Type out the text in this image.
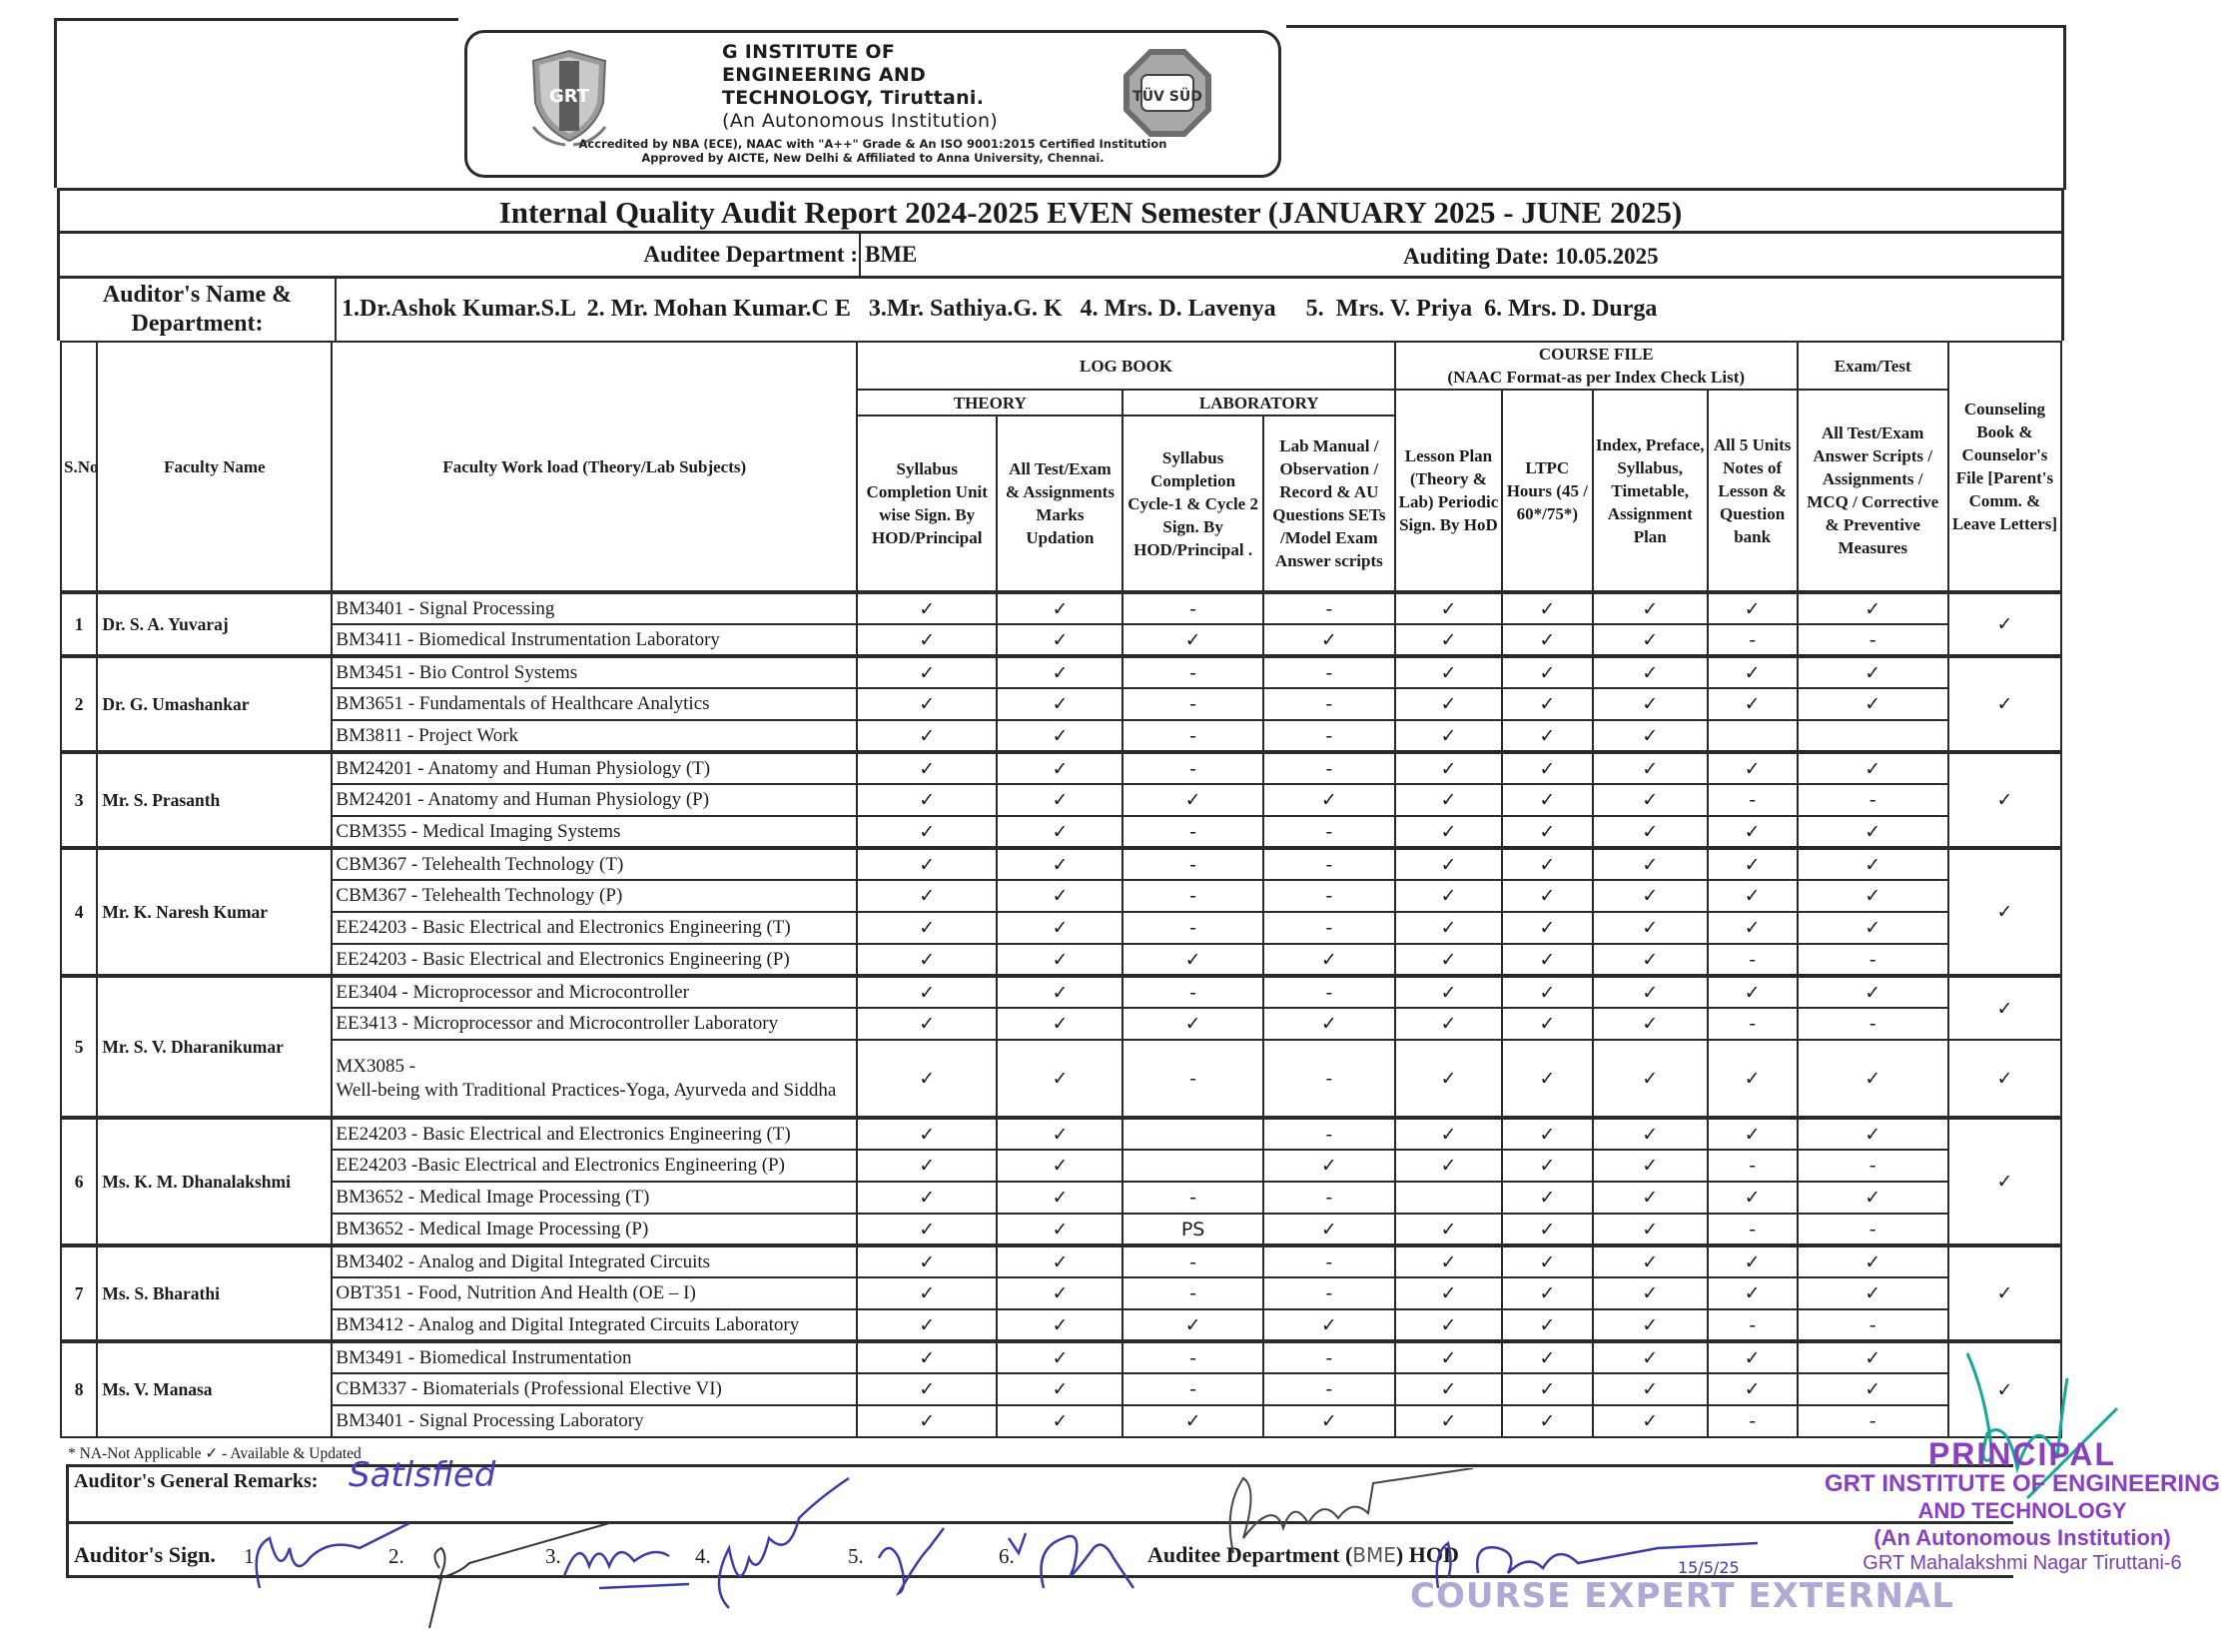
GRT
G INSTITUTE OF
ENGINEERING AND
TECHNOLOGY, Tiruttani.
(An Autonomous Institution)
TÜV SÜD
Accredited by NBA (ECE), NAAC with "A++" Grade & An ISO 9001:2015 Certified Institution
Approved by AICTE, New Delhi & Affiliated to Anna University, Chennai.
Internal Quality Audit Report 2024-2025 EVEN Semester (JANUARY 2025 - JUNE 2025)
Auditee Department : BME	Auditing Date: 10.05.2025
Auditor's Name &
Department:
1.Dr.Ashok Kumar.S.L  2. Mr. Mohan Kumar.C E   3.Mr. Sathiya.G. K   4. Mrs. D. Lavenya     5.  Mrs. V. Priya  6. Mrs. D. Durga
S.No	Faculty Name	Faculty Work load (Theory/Lab Subjects)	LOG BOOK				COURSE FILE
(NAAC Format-as per Index Check List)				Exam/Test	Counseling Book & Counselor's File [Parent's Comm. & Leave Letters]
			THEORY		LABORATORY		Lesson Plan (Theory & Lab) Periodic Sign. By HoD	LTPC Hours (45 / 60*/75*)	Index, Preface, Syllabus, Timetable, Assignment Plan	All 5 Units Notes of Lesson & Question bank	All Test/Exam Answer Scripts / Assignments / MCQ / Corrective & Preventive Measures	
			Syllabus Completion Unit wise Sign. By HOD/Principal	All Test/Exam & Assignments Marks Updation	Syllabus Completion Cycle-1 & Cycle 2 Sign. By HOD/Principal .	Lab Manual / Observation / Record & AU Questions SETs /Model Exam Answer scripts						
1	Dr. S. A. Yuvaraj	BM3401 - Signal Processing	✓	✓	-	-	✓	✓	✓	✓	✓	✓
		BM3411 - Biomedical Instrumentation Laboratory	✓	✓	✓	✓	✓	✓	✓	-	-	
2	Dr. G. Umashankar	BM3451 - Bio Control Systems	✓	✓	-	-	✓	✓	✓	✓	✓	✓
		BM3651 - Fundamentals of Healthcare Analytics	✓	✓	-	-	✓	✓	✓	✓	✓	
		BM3811 - Project Work	✓	✓	-	-	✓	✓	✓			
3	Mr. S. Prasanth	BM24201 - Anatomy and Human Physiology (T)	✓	✓	-	-	✓	✓	✓	✓	✓	✓
		BM24201 - Anatomy and Human Physiology (P)	✓	✓	✓	✓	✓	✓	✓	-	-	
		CBM355 - Medical Imaging Systems	✓	✓	-	-	✓	✓	✓	✓	✓	
4	Mr. K. Naresh Kumar	CBM367 - Telehealth Technology (T)	✓	✓	-	-	✓	✓	✓	✓	✓	✓
		CBM367 - Telehealth Technology (P)	✓	✓	-	-	✓	✓	✓	✓	✓	
		EE24203 - Basic Electrical and Electronics Engineering (T)	✓	✓	-	-	✓	✓	✓	✓	✓	
		EE24203 - Basic Electrical and Electronics Engineering (P)	✓	✓	✓	✓	✓	✓	✓	-	-	
5	Mr. S. V. Dharanikumar	EE3404 - Microprocessor and Microcontroller	✓	✓	-	-	✓	✓	✓	✓	✓	✓
		EE3413 - Microprocessor and Microcontroller Laboratory	✓	✓	✓	✓	✓	✓	✓	-	-	
		MX3085 -
Well-being with Traditional Practices-Yoga, Ayurveda and Siddha	✓	✓	-	-	✓	✓	✓	✓	✓	✓
6	Ms. K. M. Dhanalakshmi	EE24203 - Basic Electrical and Electronics Engineering (T)	✓	✓		-	✓	✓	✓	✓	✓	✓
		EE24203 -Basic Electrical and Electronics Engineering (P)	✓	✓		✓	✓	✓	✓	-	-	
		BM3652 - Medical Image Processing (T)	✓	✓	-	-		✓	✓	✓	✓	
		BM3652 - Medical Image Processing (P)	✓	✓	PS	✓	✓	✓	✓	-	-	
7	Ms. S. Bharathi	BM3402 - Analog and Digital Integrated Circuits	✓	✓	-	-	✓	✓	✓	✓	✓	✓
		OBT351 - Food, Nutrition And Health (OE – I)	✓	✓	-	-	✓	✓	✓	✓	✓	
		BM3412 - Analog and Digital Integrated Circuits Laboratory	✓	✓	✓	✓	✓	✓	✓	-	-	
8	Ms. V. Manasa	BM3491 - Biomedical Instrumentation	✓	✓	-	-	✓	✓	✓	✓	✓	✓
		CBM337 - Biomaterials (Professional Elective VI)	✓	✓	-	-	✓	✓	✓	✓	✓	
		BM3401 - Signal Processing Laboratory	✓	✓	✓	✓	✓	✓	✓	-	-	
* NA-Not Applicable ✓ - Available & Updated
Auditor's General Remarks: Satisfied
Auditor's Sign. 1.	2.	3.	4.	5.	6.	Auditee Department (BME) HOD
15/5/25
COURSE EXPERT EXTERNAL
PRINCIPAL
GRT INSTITUTE OF ENGINEERING
AND TECHNOLOGY
(An Autonomous Institution)
GRT Mahalakshmi Nagar Tiruttani-6
